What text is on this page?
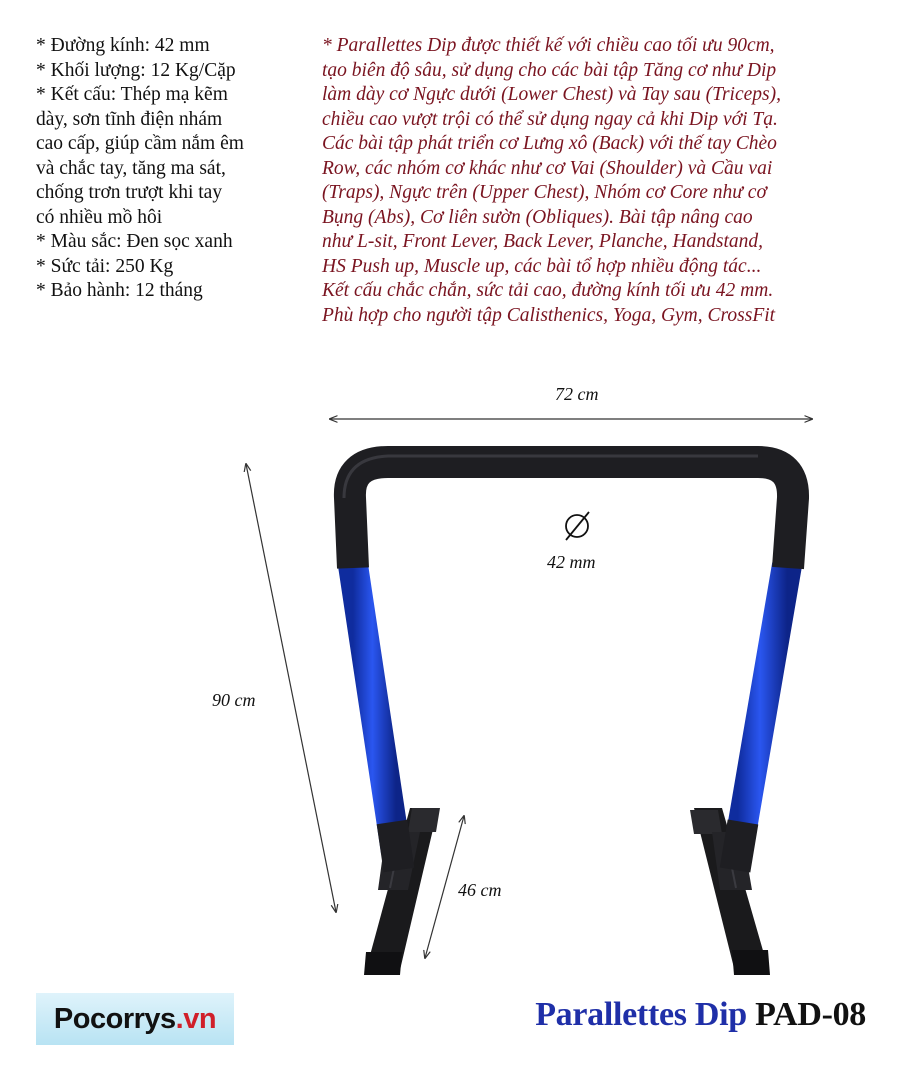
* Đường kính: 42 mm
* Khối lượng: 12 Kg/Cặp
* Kết cấu: Thép mạ kẽm
dày, sơn tĩnh điện nhám
cao cấp, giúp cầm nắm êm
và chắc tay, tăng ma sát,
chống trơn trượt khi tay
có nhiều mồ hôi
* Màu sắc: Đen sọc xanh
* Sức tải: 250 Kg
* Bảo hành: 12 tháng
* Parallettes Dip được thiết kế với chiều cao tối ưu 90cm,
tạo biên độ sâu, sử dụng cho các bài tập Tăng cơ như Dip
làm dày cơ Ngực dưới (Lower Chest) và Tay sau (Triceps),
chiều cao vượt trội có thể sử dụng ngay cả khi Dip với Tạ.
Các bài tập phát triển cơ Lưng xô (Back) với thế tay Chèo
Row, các nhóm cơ khác như cơ Vai (Shoulder) và Cầu vai
(Traps), Ngực trên (Upper Chest), Nhóm cơ Core như cơ
Bụng (Abs), Cơ liên sườn (Obliques). Bài tập nâng cao
như L-sit, Front Lever, Back Lever, Planche, Handstand,
HS Push up, Muscle up, các bài tổ hợp nhiều động tác...
Kết cấu chắc chắn, sức tải cao, đường kính tối ưu 42 mm.
Phù hợp cho người tập Calisthenics, Yoga, Gym, CrossFit
72 cm
90 cm
46 cm
42 mm
Pocorrys .vn	Parallettes Dip PAD-08
